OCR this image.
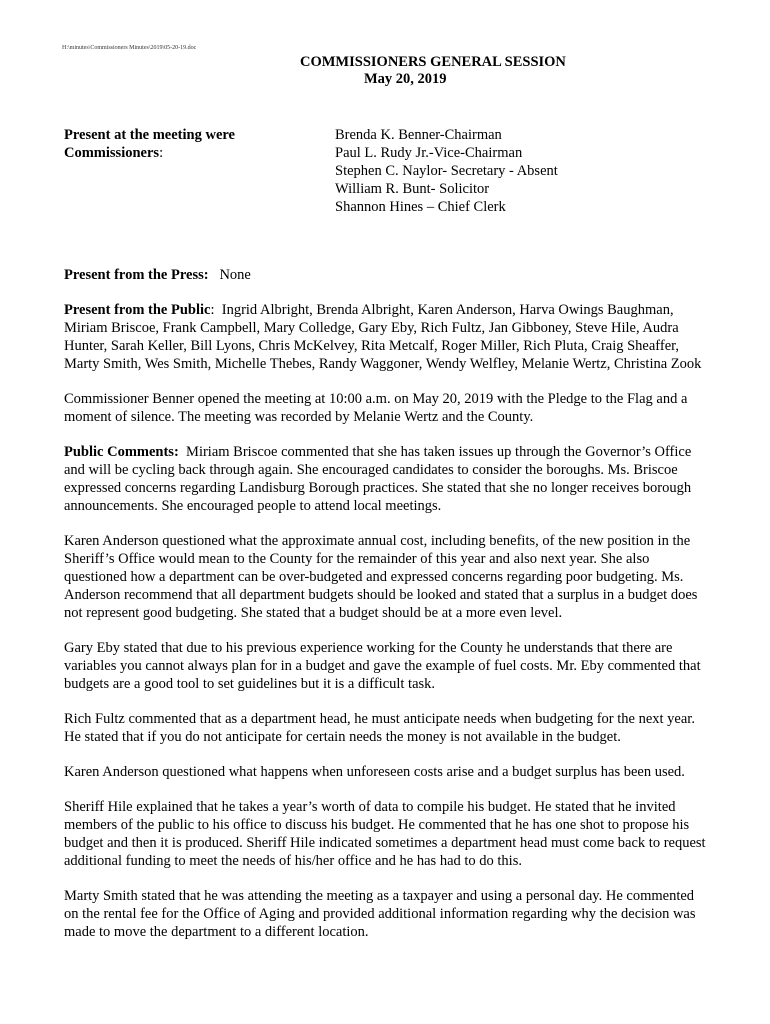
H:\minutes\Commissioners Minutes\2019\05-20-19.doc
COMMISSIONERS GENERAL SESSION
May 20, 2019
Present at the meeting were
Commissioners:
Brenda K. Benner-Chairman
Paul L. Rudy Jr.-Vice-Chairman
Stephen C. Naylor- Secretary - Absent
William R. Bunt- Solicitor
Shannon Hines – Chief Clerk

Present from the Press: None

Present from the Public:  Ingrid Albright, Brenda Albright, Karen Anderson, Harva Owings Baughman, Miriam Briscoe, Frank Campbell, Mary Colledge, Gary Eby, Rich Fultz, Jan Gibboney, Steve Hile, Audra Hunter, Sarah Keller, Bill Lyons, Chris McKelvey, Rita Metcalf, Roger Miller, Rich Pluta, Craig Sheaffer, Marty Smith, Wes Smith, Michelle Thebes, Randy Waggoner, Wendy Welfley, Melanie Wertz, Christina Zook

Commissioner Benner opened the meeting at 10:00 a.m. on May 20, 2019 with the Pledge to the Flag and a moment of silence. The meeting was recorded by Melanie Wertz and the County.

Public Comments: Miriam Briscoe commented that she has taken issues up through the Governor’s Office and will be cycling back through again. She encouraged candidates to consider the boroughs. Ms. Briscoe expressed concerns regarding Landisburg Borough practices. She stated that she no longer receives borough announcements. She encouraged people to attend local meetings.

Karen Anderson questioned what the approximate annual cost, including benefits, of the new position in the Sheriff’s Office would mean to the County for the remainder of this year and also next year. She also questioned how a department can be over-budgeted and expressed concerns regarding poor budgeting. Ms. Anderson recommend that all department budgets should be looked and stated that a surplus in a budget does not represent good budgeting. She stated that a budget should be at a more even level.

Gary Eby stated that due to his previous experience working for the County he understands that there are variables you cannot always plan for in a budget and gave the example of fuel costs. Mr. Eby commented that budgets are a good tool to set guidelines but it is a difficult task.

Rich Fultz commented that as a department head, he must anticipate needs when budgeting for the next year. He stated that if you do not anticipate for certain needs the money is not available in the budget.

Karen Anderson questioned what happens when unforeseen costs arise and a budget surplus has been used.

Sheriff Hile explained that he takes a year’s worth of data to compile his budget. He stated that he invited members of the public to his office to discuss his budget. He commented that he has one shot to propose his budget and then it is produced. Sheriff Hile indicated sometimes a department head must come back to request additional funding to meet the needs of his/her office and he has had to do this.

Marty Smith stated that he was attending the meeting as a taxpayer and using a personal day. He commented on the rental fee for the Office of Aging and provided additional information regarding why the decision was made to move the department to a different location.
